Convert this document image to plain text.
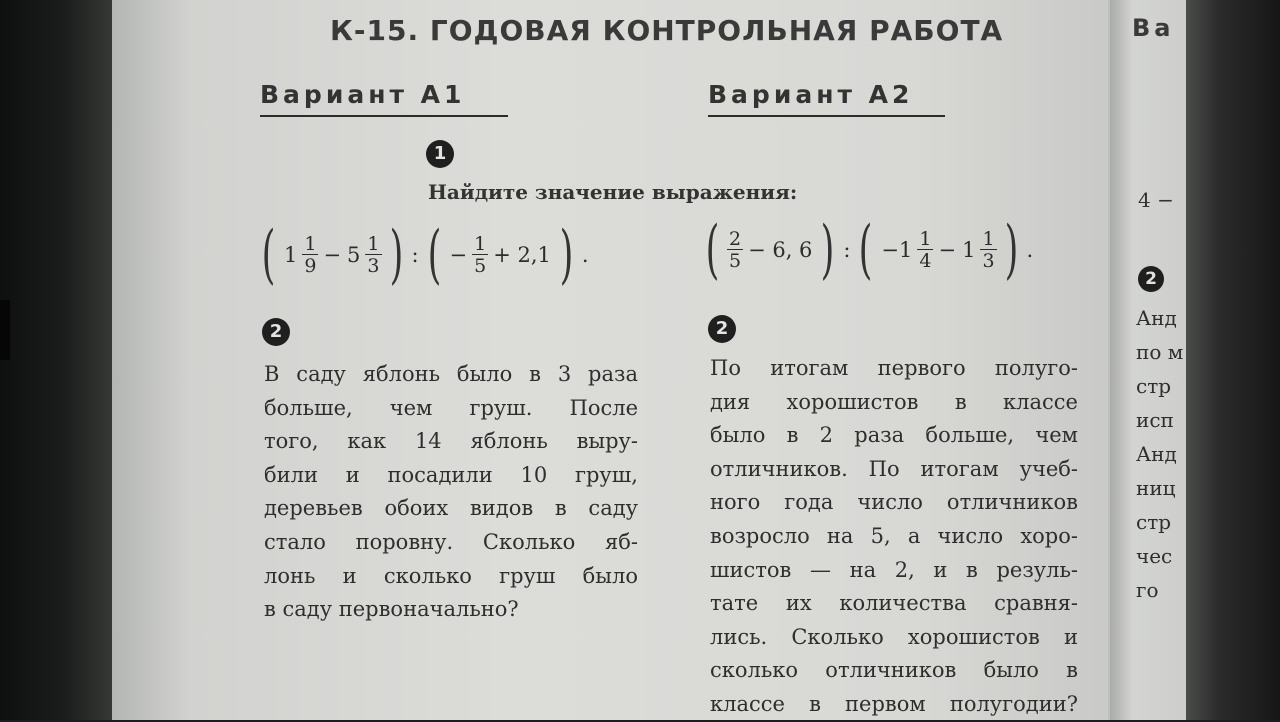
К-15. ГОДОВАЯ КОНТРОЛЬНАЯ РАБОТА
Вариант А1	Вариант А2
1
Найдите значение выражения:
( $1 \frac{1}{9} - 5 \frac{1}{3}$ ) : ( − $\frac{1}{5} + 2,1$ ) . ( $\frac{2}{5} - 6$, 6 ) : ( $-1 \frac{1}{4} - 1 \frac{1}{3}$ ) .
2	2
В саду яблонь было в 3 раза
больше, чем груш. После
того, как 14 яблонь выру-
били и посадили 10 груш,
деревьев обоих видов в саду
стало поровну. Сколько яб-
лонь и сколько груш было
в саду первоначально?
По итогам первого полуго-
дия хорошистов в классе
было в 2 раза больше, чем
отличников. По итогам учеб-
ного года число отличников
возросло на 5, а число хоро-
шистов — на 2, и в резуль-
тате их количества сравня-
лись. Сколько хорошистов и
сколько отличников было в
классе в первом полугодии?
Ва
4 −
2
Анд
по м
стр
исп
Анд
ниц
стр
чес
го
